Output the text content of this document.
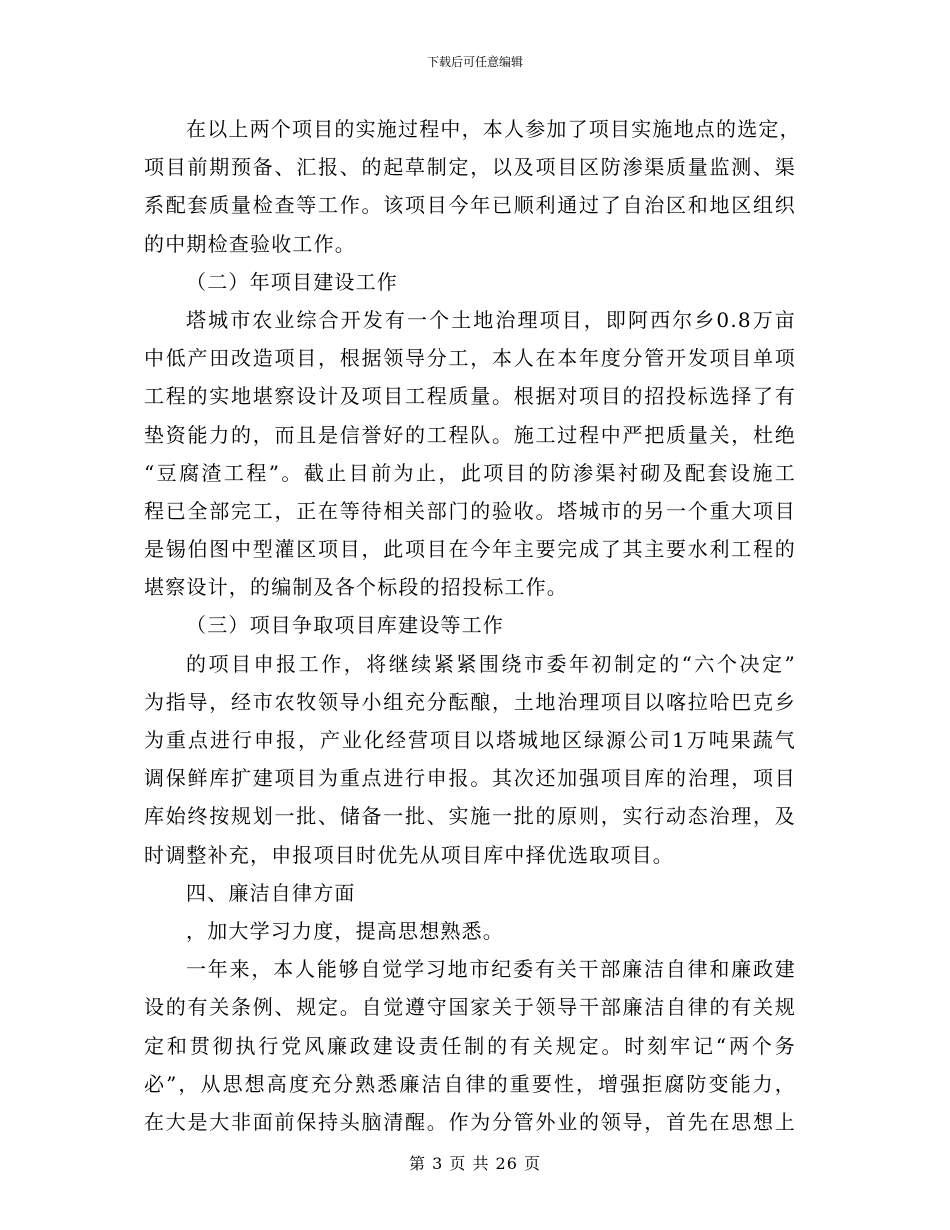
下载后可任意编辑
在以上两个项目的实施过程中，本人参加了项目实施地点的选定，
项目前期预备、汇报、的起草制定，以及项目区防渗渠质量监测、渠
系配套质量检查等工作。该项目今年已顺利通过了自治区和地区组织
的中期检查验收工作。
（二）年项目建设工作
塔城市农业综合开发有一个土地治理项目，即阿西尔乡0.8万亩
中低产田改造项目，根据领导分工，本人在本年度分管开发项目单项
工程的实地堪察设计及项目工程质量。根据对项目的招投标选择了有
垫资能力的，而且是信誉好的工程队。施工过程中严把质量关，杜绝
“豆腐渣工程”。截止目前为止，此项目的防渗渠衬砌及配套设施工
程已全部完工，正在等待相关部门的验收。塔城市的另一个重大项目
是锡伯图中型灌区项目，此项目在今年主要完成了其主要水利工程的
堪察设计，的编制及各个标段的招投标工作。
（三）项目争取项目库建设等工作
的项目申报工作，将继续紧紧围绕市委年初制定的“六个决定”
为指导，经市农牧领导小组充分酝酿，土地治理项目以喀拉哈巴克乡
为重点进行申报，产业化经营项目以塔城地区绿源公司1万吨果蔬气
调保鲜库扩建项目为重点进行申报。其次还加强项目库的治理，项目
库始终按规划一批、储备一批、实施一批的原则，实行动态治理，及
时调整补充，申报项目时优先从项目库中择优选取项目。
四、廉洁自律方面
，加大学习力度，提高思想熟悉。
一年来，本人能够自觉学习地市纪委有关干部廉洁自律和廉政建
设的有关条例、规定。自觉遵守国家关于领导干部廉洁自律的有关规
定和贯彻执行党风廉政建设责任制的有关规定。时刻牢记“两个务
必”，从思想高度充分熟悉廉洁自律的重要性，增强拒腐防变能力，
在大是大非面前保持头脑清醒。作为分管外业的领导，首先在思想上
第 3 页 共 26 页
